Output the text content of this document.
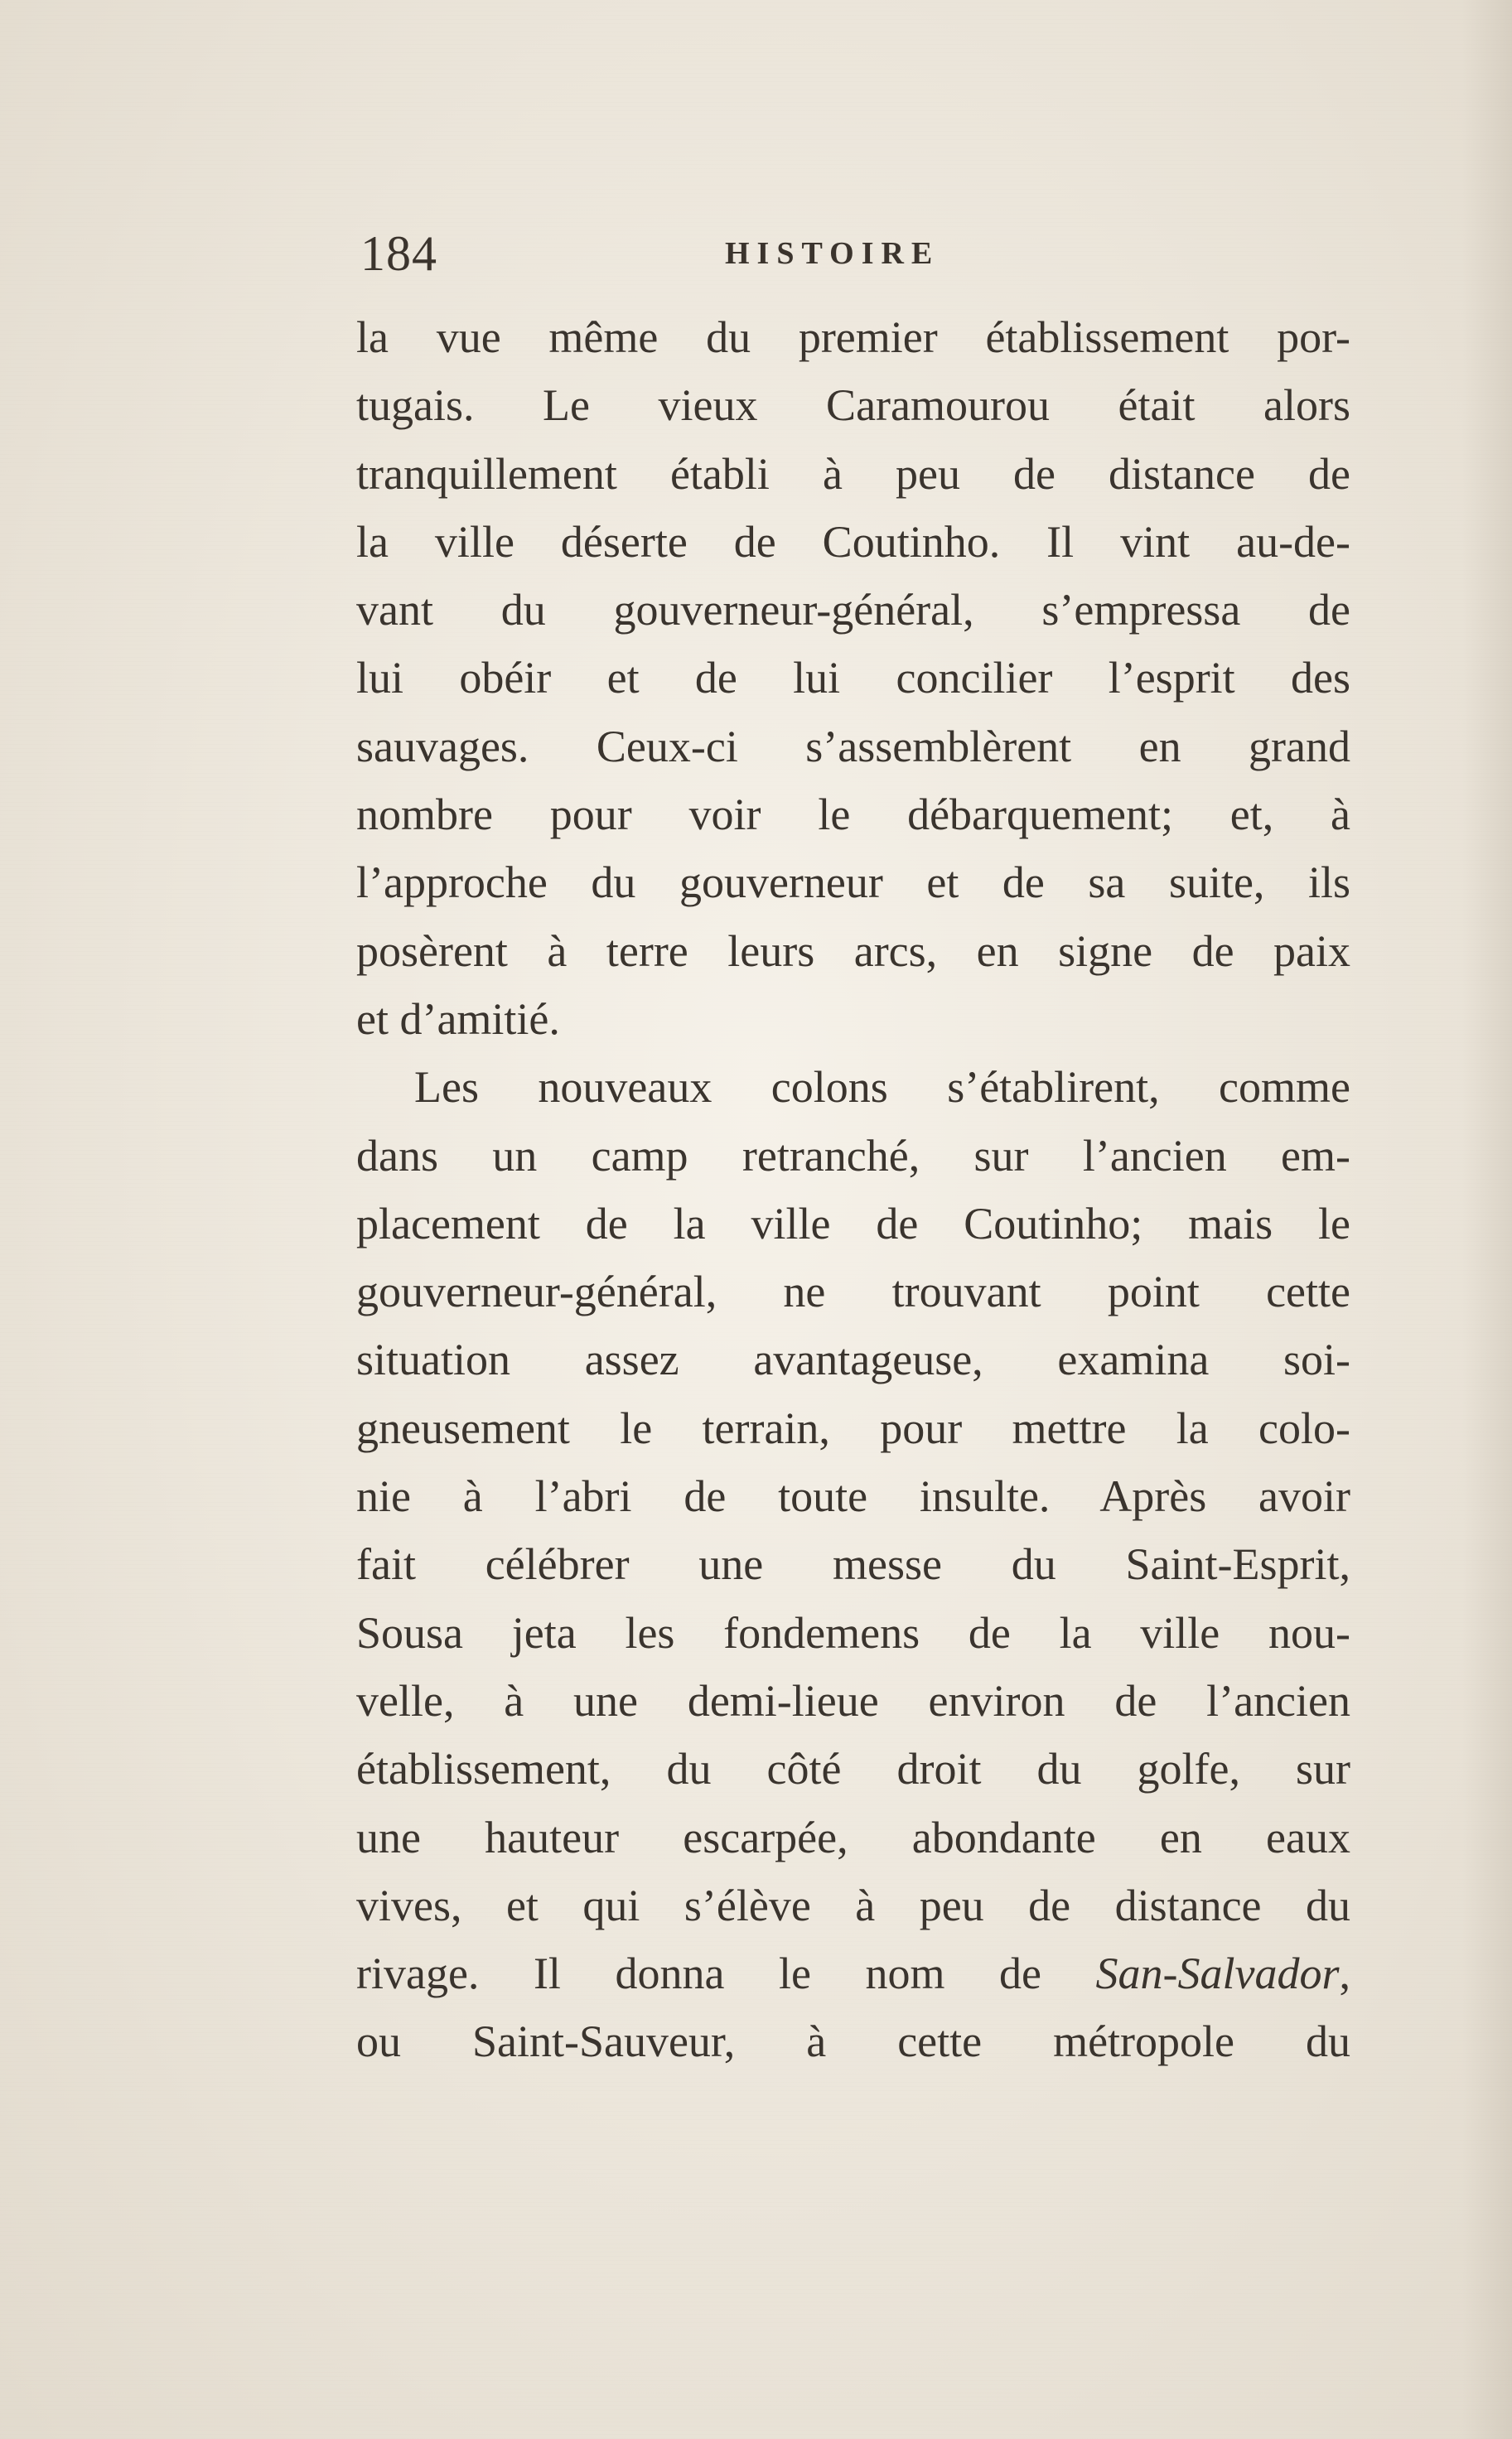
184	HISTOIRE
la vue même du premier établissement por-
tugais. Le vieux Caramourou était alors
tranquillement établi à peu de distance de
la ville déserte de Coutinho. Il vint au-de-
vant du gouverneur-général, s’empressa de
lui obéir et de lui concilier l’esprit des
sauvages. Ceux-ci s’assemblèrent en grand
nombre pour voir le débarquement; et, à
l’approche du gouverneur et de sa suite, ils
posèrent à terre leurs arcs, en signe de paix
et d’amitié.
Les nouveaux colons s’établirent, comme
dans un camp retranché, sur l’ancien em-
placement de la ville de Coutinho; mais le
gouverneur-général, ne trouvant point cette
situation assez avantageuse, examina soi-
gneusement le terrain, pour mettre la colo-
nie à l’abri de toute insulte. Après avoir
fait célébrer une messe du Saint-Esprit,
Sousa jeta les fondemens de la ville nou-
velle, à une demi-lieue environ de l’ancien
établissement, du côté droit du golfe, sur
une hauteur escarpée, abondante en eaux
vives, et qui s’élève à peu de distance du
rivage. Il donna le nom de San-Salvador,
ou Saint-Sauveur, à cette métropole du
